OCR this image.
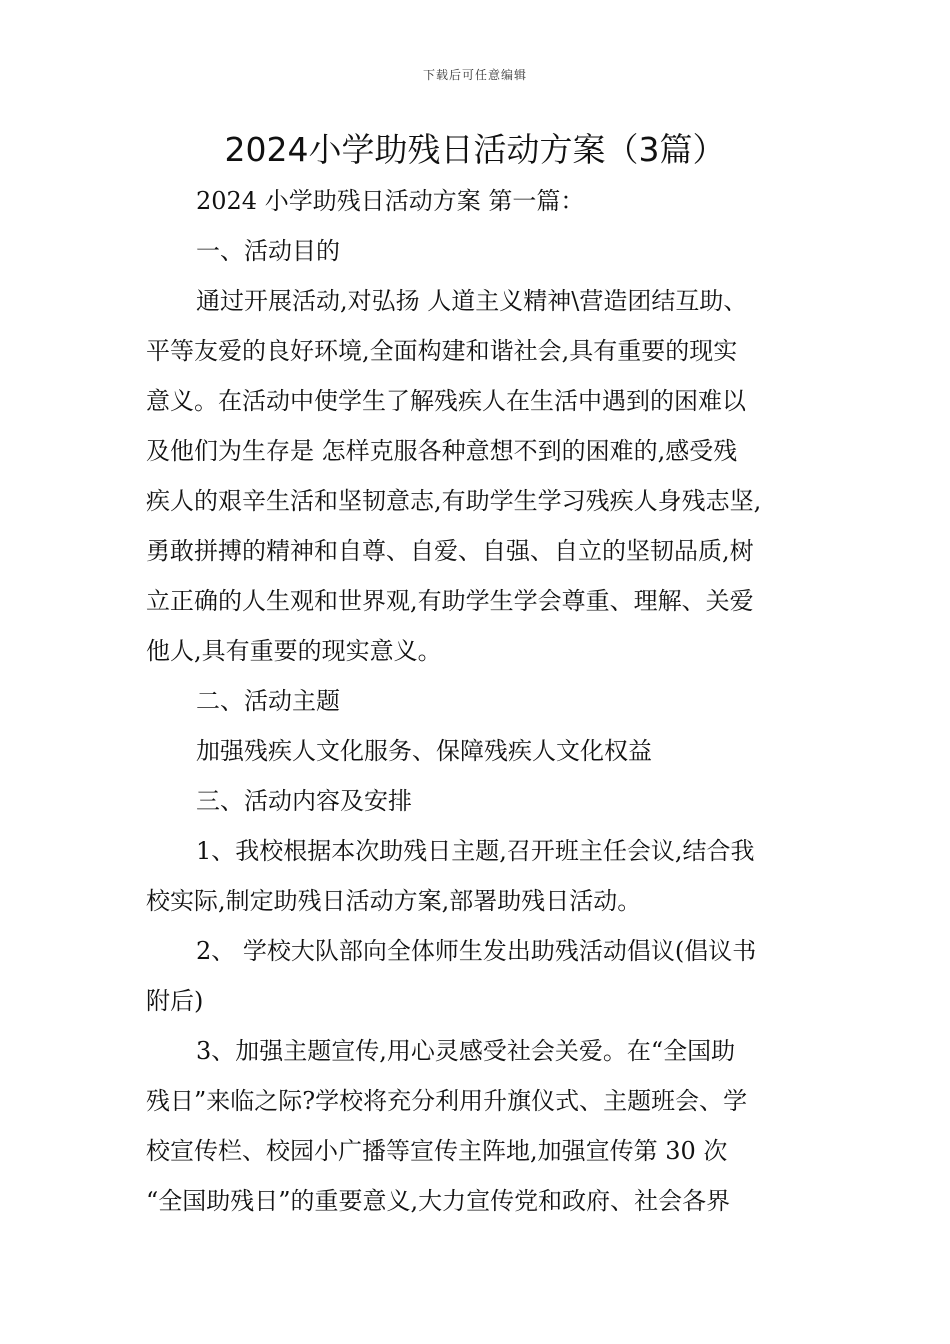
下载后可任意编辑
2024小学助残日活动方案（3篇）
2024 小学助残日活动方案 第一篇：
一、活动目的
通过开展活动,对弘扬 人道主义精神\营造团结互助、
平等友爱的良好环境,全面构建和谐社会,具有重要的现实
意义。在活动中使学生了解残疾人在生活中遇到的困难以
及他们为生存是 怎样克服各种意想不到的困难的,感受残
疾人的艰辛生活和坚韧意志,有助学生学习残疾人身残志坚,
勇敢拼搏的精神和自尊、自爱、自强、自立的坚韧品质,树
立正确的人生观和世界观,有助学生学会尊重、理解、关爱
他人,具有重要的现实意义。
二、活动主题
加强残疾人文化服务、保障残疾人文化权益
三、活动内容及安排
1、我校根据本次助残日主题,召开班主任会议,结合我
校实际,制定助残日活动方案,部署助残日活动。
2、 学校大队部向全体师生发出助残活动倡议(倡议书
附后)
3、加强主题宣传,用心灵感受社会关爱。在“全国助
残日”来临之际?学校将充分利用升旗仪式、主题班会、学
校宣传栏、校园小广播等宣传主阵地,加强宣传第 30 次
“全国助残日”的重要意义,大力宣传党和政府、社会各界
